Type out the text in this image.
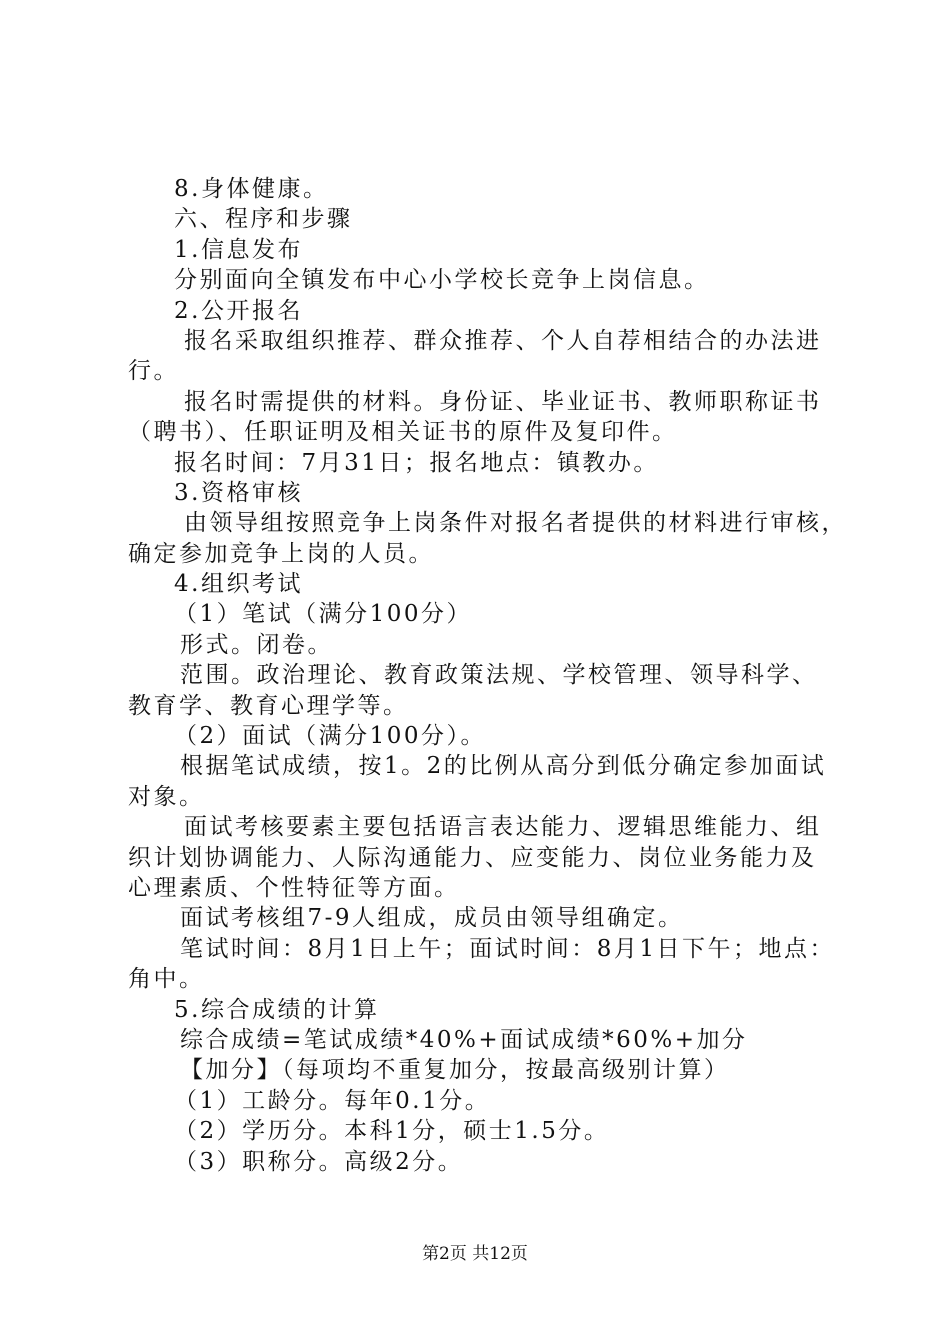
8.身体健康。
六、程序和步骤
1.信息发布
分别面向全镇发布中心小学校长竞争上岗信息。
2.公开报名
报名采取组织推荐、群众推荐、个人自荐相结合的办法进
行。
报名时需提供的材料。身份证、毕业证书、教师职称证书
（聘书）、任职证明及相关证书的原件及复印件。
报名时间：7月31日；报名地点：镇教办。
3.资格审核
由领导组按照竞争上岗条件对报名者提供的材料进行审核，
确定参加竞争上岗的人员。
4.组织考试
（1）笔试（满分100分）
形式。闭卷。
范围。政治理论、教育政策法规、学校管理、领导科学、
教育学、教育心理学等。
（2）面试（满分100分）。
根据笔试成绩，按1。2的比例从高分到低分确定参加面试
对象。
面试考核要素主要包括语言表达能力、逻辑思维能力、组
织计划协调能力、人际沟通能力、应变能力、岗位业务能力及
心理素质、个性特征等方面。
面试考核组7-9人组成，成员由领导组确定。
笔试时间：8月1日上午；面试时间：8月1日下午；地点：
角中。
5.综合成绩的计算
综合成绩=笔试成绩*40%+面试成绩*60%+加分
【加分】（每项均不重复加分，按最高级别计算）
（1）工龄分。每年0.1分。
（2）学历分。本科1分，硕士1.5分。
（3）职称分。高级2分。
第2页 共12页
